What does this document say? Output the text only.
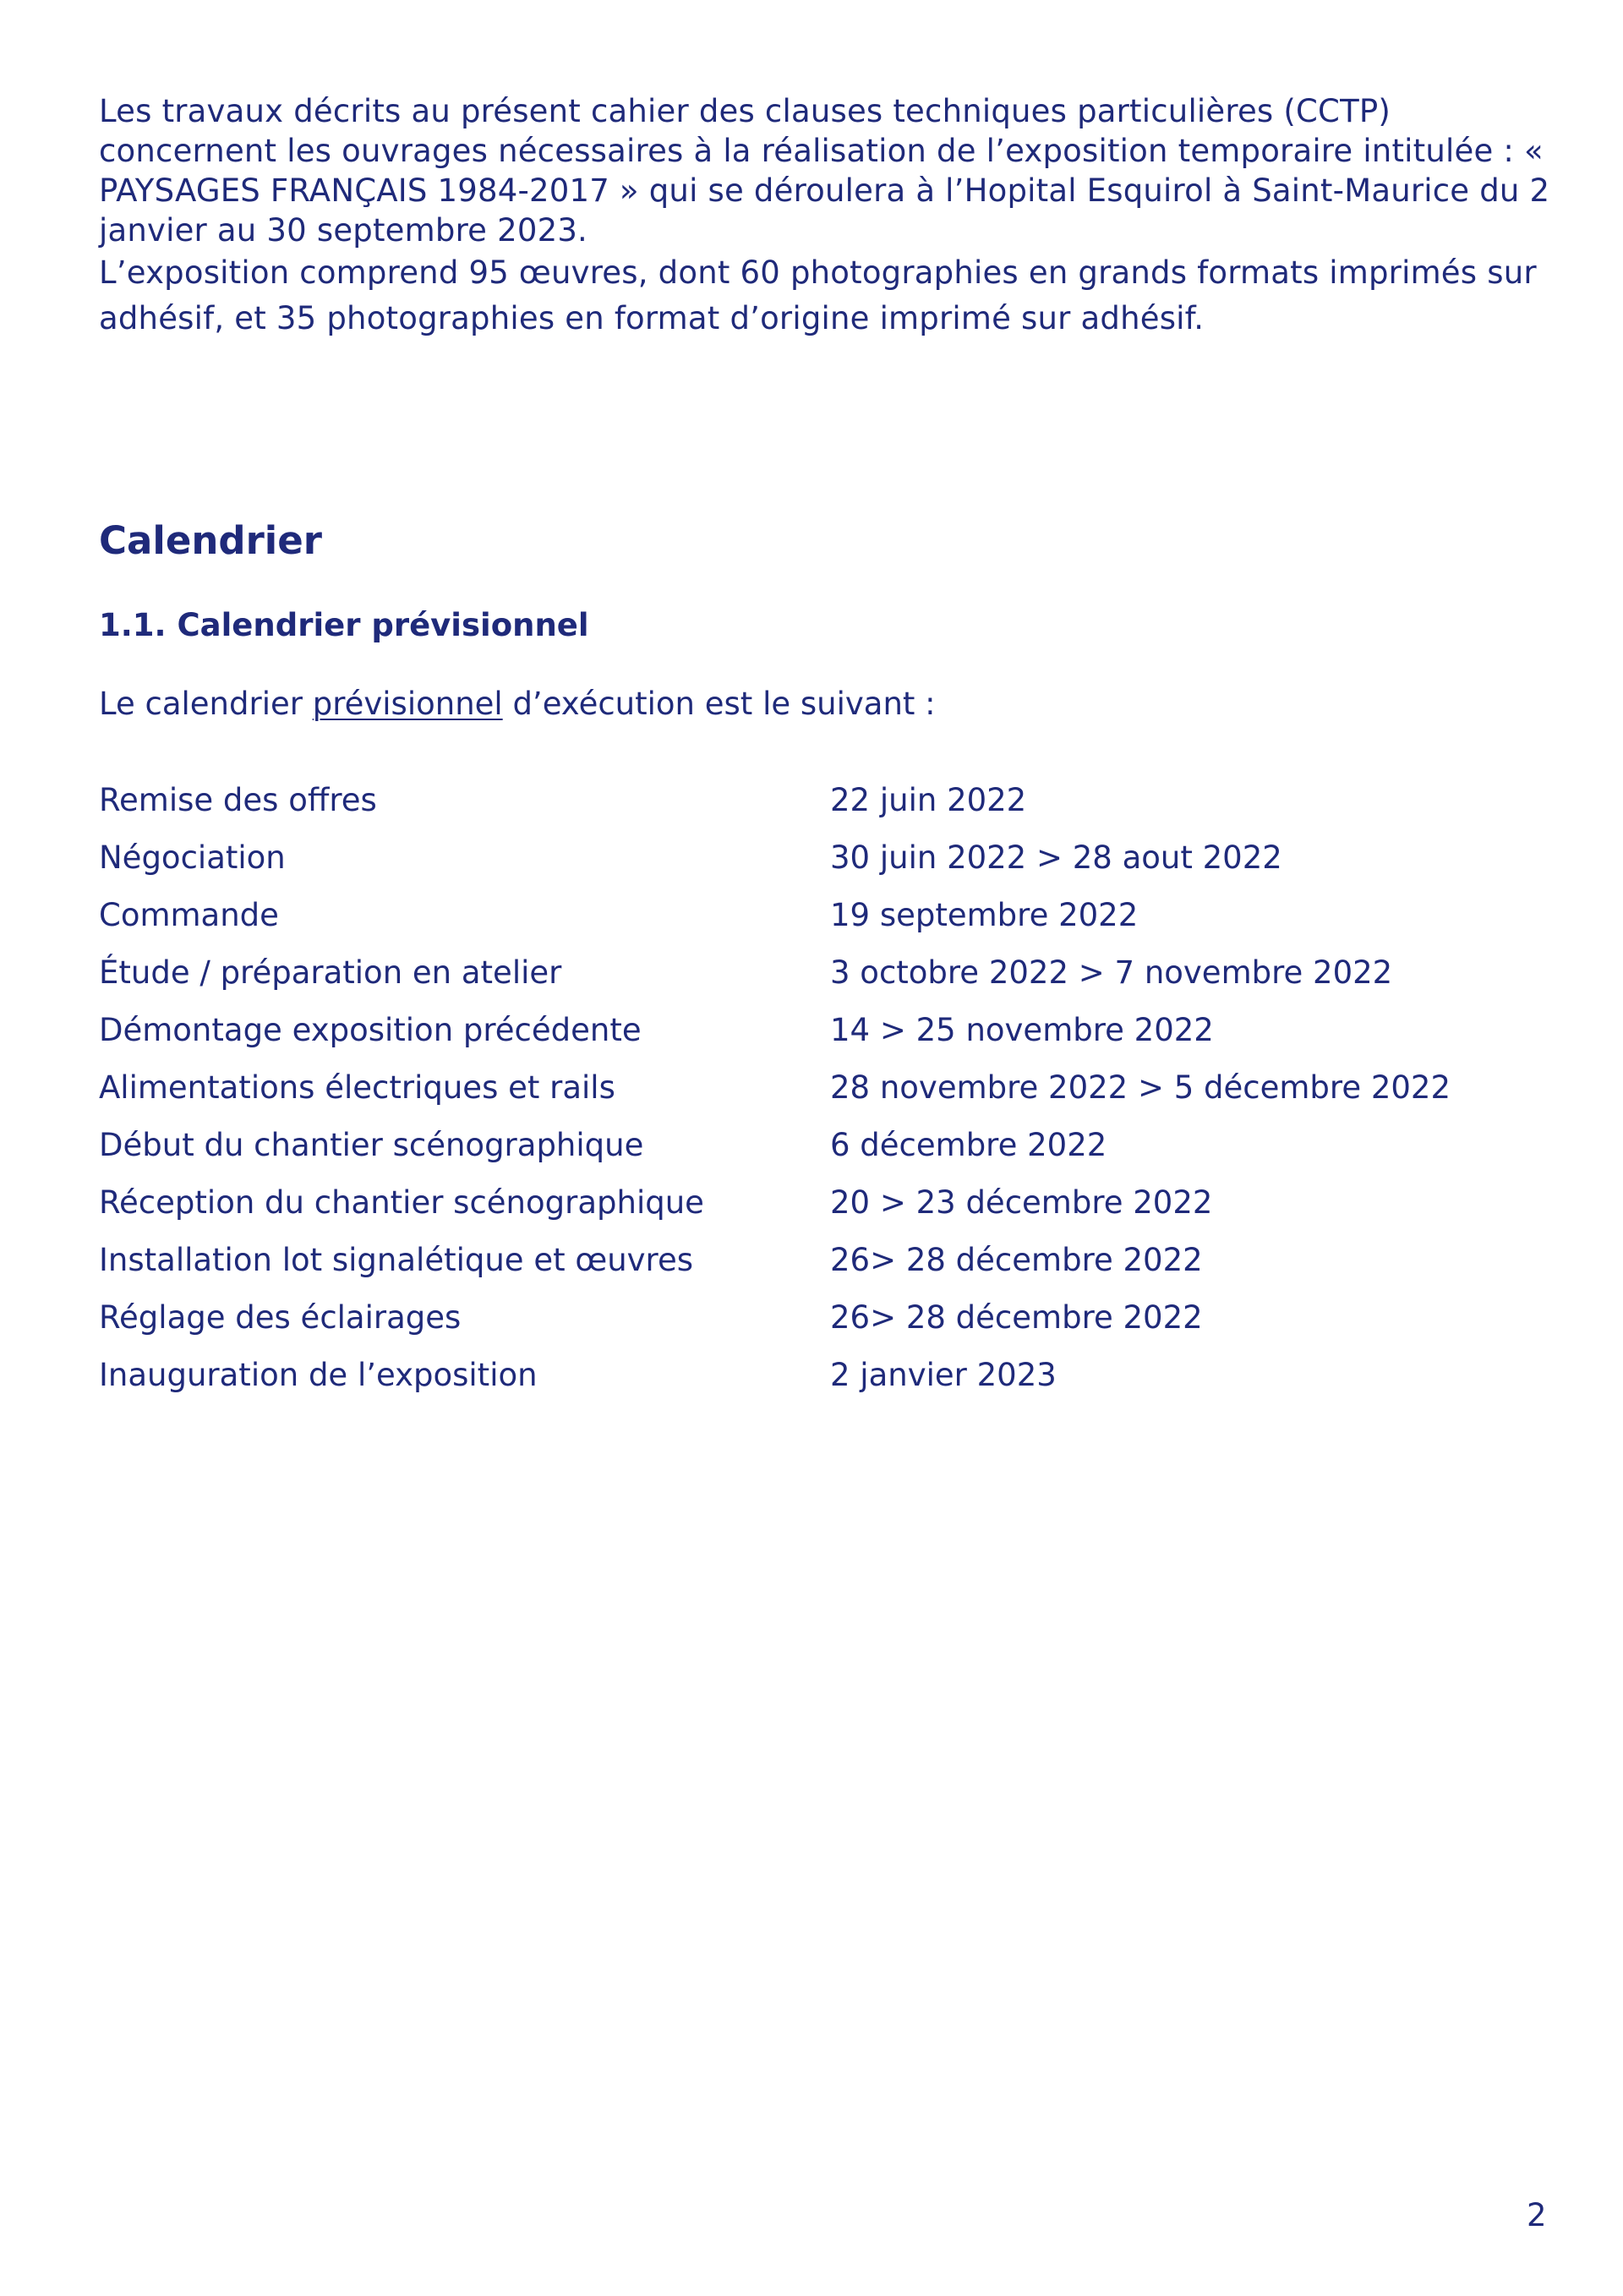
Les travaux décrits au présent cahier des clauses techniques particulières (CCTP) concernent les ouvrages nécessaires à la réalisation de l’exposition temporaire intitulée : « PAYSAGES FRANÇAIS 1984-2017 » qui se déroulera à l’Hopital Esquirol à Saint-Maurice du 2 janvier au 30 septembre 2023.

L’exposition comprend 95 œuvres, dont 60 photographies en grands formats imprimés sur adhésif, et 35 photographies en format d’origine imprimé sur adhésif.

Calendrier
1.1. Calendrier prévisionnel

Le calendrier prévisionnel d’exécution est le suivant :

Remise des offres	22 juin 2022
Négociation	30 juin 2022 > 28 aout 2022
Commande	19 septembre 2022
Étude / préparation en atelier	3 octobre 2022 > 7 novembre 2022
Démontage exposition précédente	14 > 25 novembre 2022
Alimentations électriques et rails	28 novembre 2022 > 5 décembre 2022
Début du chantier scénographique	6 décembre 2022
Réception du chantier scénographique	20 > 23 décembre 2022
Installation lot signalétique et œuvres	26> 28 décembre 2022
Réglage des éclairages	26> 28 décembre 2022
Inauguration de l’exposition	2 janvier 2023
2
